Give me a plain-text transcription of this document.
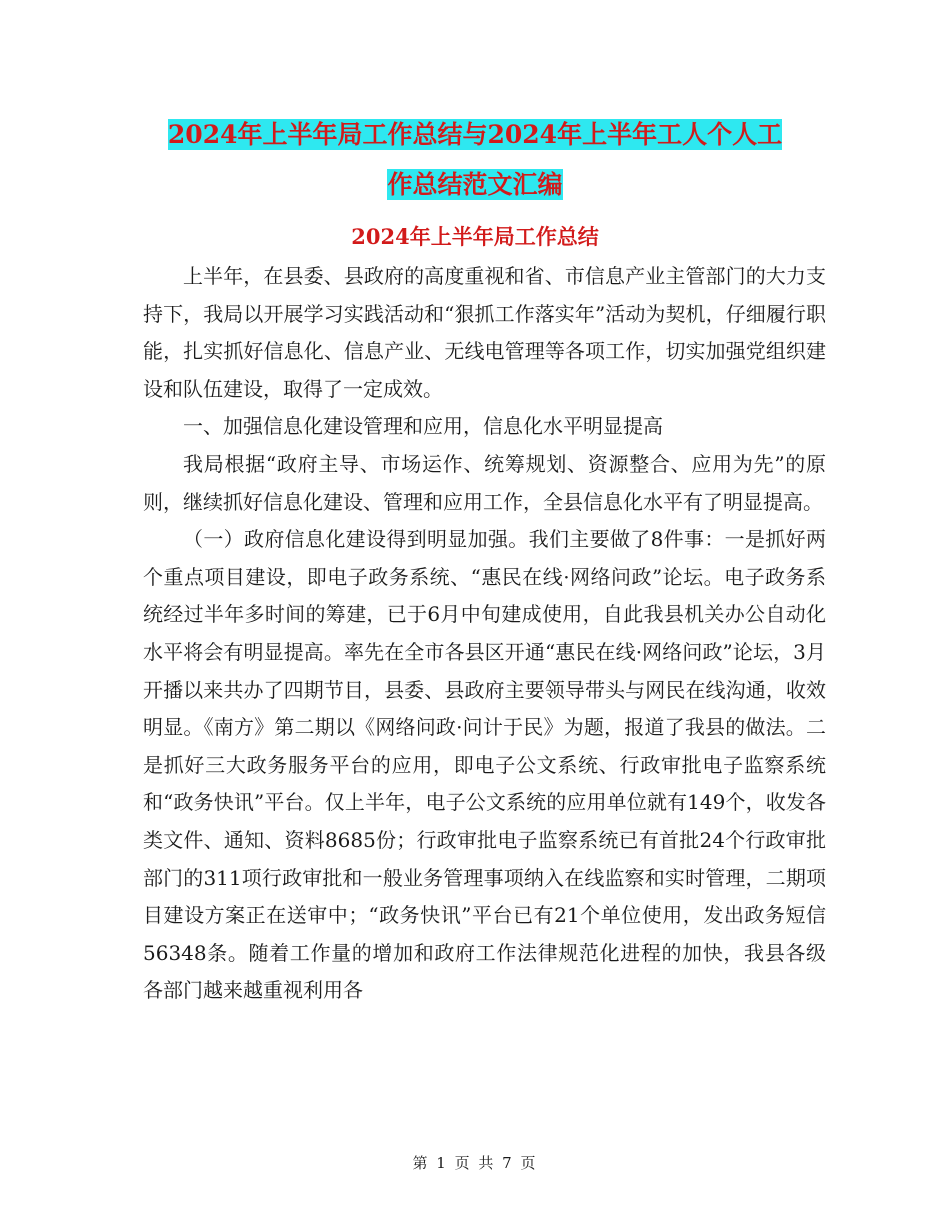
2024年上半年局工作总结与2024年上半年工人个人工
作总结范文汇编
2024年上半年局工作总结

上半年，在县委、县政府的高度重视和省、市信息产业主管部门的大力支持下，我局以开展学习实践活动和“狠抓工作落实年”活动为契机，仔细履行职能，扎实抓好信息化、信息产业、无线电管理等各项工作，切实加强党组织建设和队伍建设，取得了一定成效。

一、加强信息化建设管理和应用，信息化水平明显提高

我局根据“政府主导、市场运作、统筹规划、资源整合、应用为先”的原则，继续抓好信息化建设、管理和应用工作，全县信息化水平有了明显提高。

（一）政府信息化建设得到明显加强。我们主要做了8件事：一是抓好两个重点项目建设，即电子政务系统、“惠民在线·网络问政”论坛。电子政务系统经过半年多时间的筹建，已于6月中旬建成使用，自此我县机关办公自动化水平将会有明显提高。率先在全市各县区开通“惠民在线·网络问政”论坛，3月开播以来共办了四期节目，县委、县政府主要领导带头与网民在线沟通，收效明显。《南方》第二期以《网络问政·问计于民》为题，报道了我县的做法。二是抓好三大政务服务平台的应用，即电子公文系统、行政审批电子监察系统和“政务快讯”平台。仅上半年，电子公文系统的应用单位就有149个，收发各类文件、通知、资料8685份；行政审批电子监察系统已有首批24个行政审批部门的311项行政审批和一般业务管理事项纳入在线监察和实时管理，二期项目建设方案正在送审中；“政务快讯”平台已有21个单位使用，发出政务短信56348条。随着工作量的增加和政府工作法律规范化进程的加快，我县各级各部门越来越重视利用各

第 1 页 共 7 页
